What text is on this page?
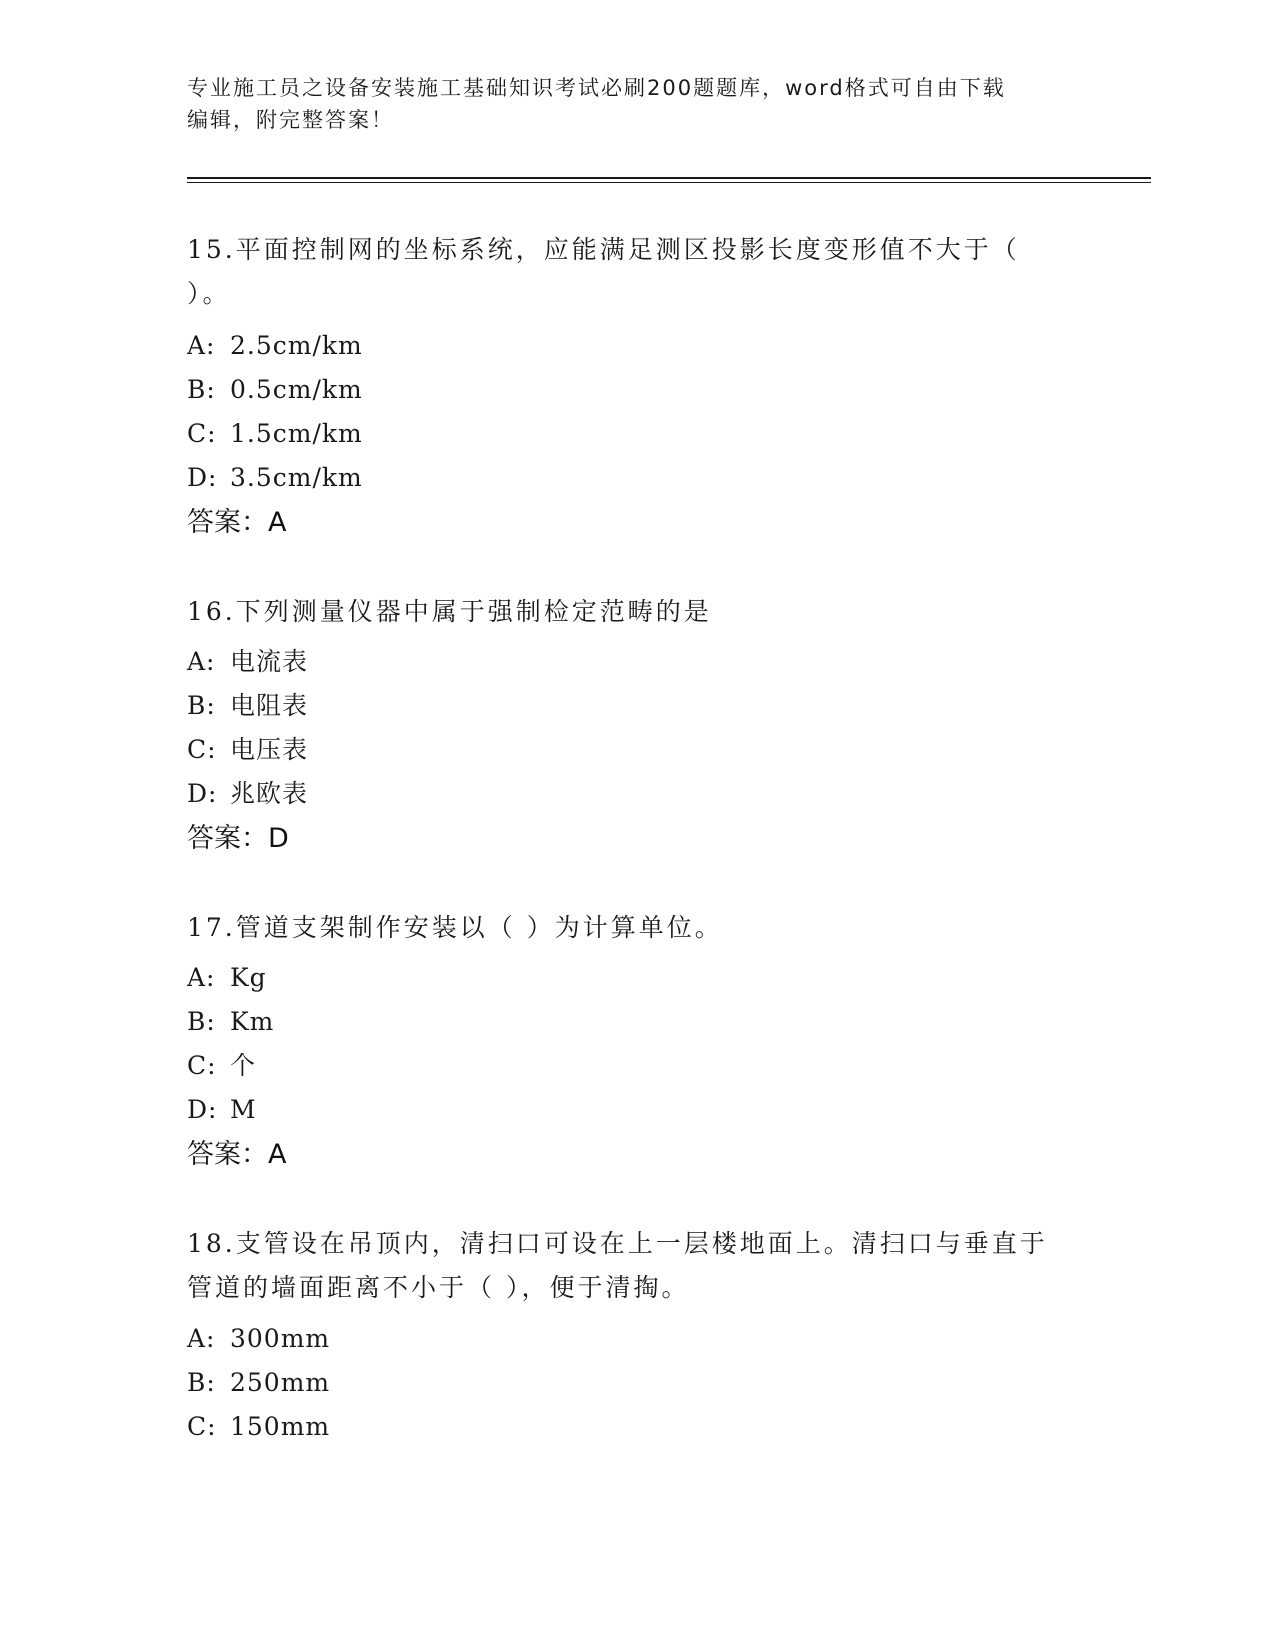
专业施工员之设备安装施工基础知识考试必刷200题题库，word格式可自由下载
编辑，附完整答案！
15.平面控制网的坐标系统，应能满足测区投影长度变形值不大于（
）。
A: 2.5cm/km
B: 0.5cm/km
C: 1.5cm/km
D: 3.5cm/km
答案：A
16.下列测量仪器中属于强制检定范畴的是
A: 电流表
B: 电阻表
C: 电压表
D: 兆欧表
答案：D
17.管道支架制作安装以（ ）为计算单位。
A: Kg
B: Km
C: 个
D: M
答案：A
18.支管设在吊顶内，清扫口可设在上一层楼地面上。清扫口与垂直于
管道的墙面距离不小于（ ），便于清掏。
A: 300mm
B: 250mm
C: 150mm
